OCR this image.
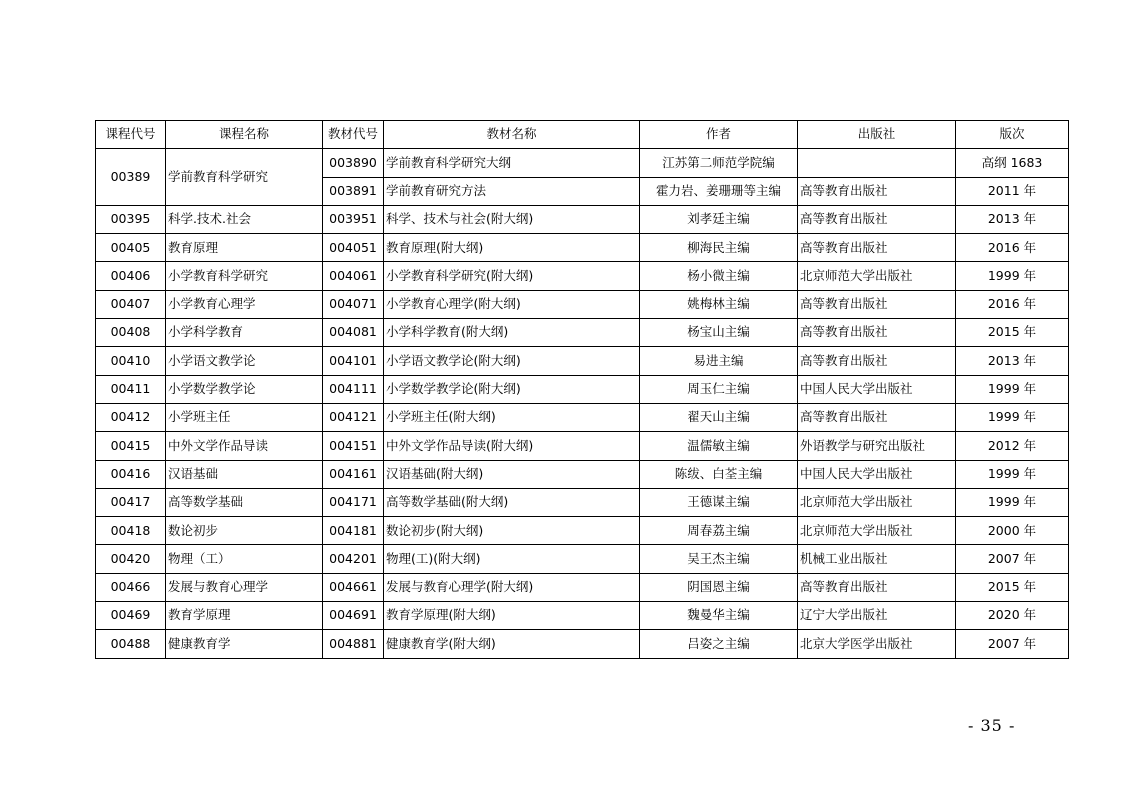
课程代号	课程名称	教材代号	教材名称	作者	出版社	版次
00389	学前教育科学研究	003890	学前教育科学研究大纲	江苏第二师范学院编		高纲 1683
		003891	学前教育研究方法	霍力岩、姜珊珊等主编	高等教育出版社	2011 年
00395	科学.技术.社会	003951	科学、技术与社会(附大纲)	刘孝廷主编	高等教育出版社	2013 年
00405	教育原理	004051	教育原理(附大纲)	柳海民主编	高等教育出版社	2016 年
00406	小学教育科学研究	004061	小学教育科学研究(附大纲)	杨小微主编	北京师范大学出版社	1999 年
00407	小学教育心理学	004071	小学教育心理学(附大纲)	姚梅林主编	高等教育出版社	2016 年
00408	小学科学教育	004081	小学科学教育(附大纲)	杨宝山主编	高等教育出版社	2015 年
00410	小学语文教学论	004101	小学语文教学论(附大纲)	易进主编	高等教育出版社	2013 年
00411	小学数学教学论	004111	小学数学教学论(附大纲)	周玉仁主编	中国人民大学出版社	1999 年
00412	小学班主任	004121	小学班主任(附大纲)	翟天山主编	高等教育出版社	1999 年
00415	中外文学作品导读	004151	中外文学作品导读(附大纲)	温儒敏主编	外语教学与研究出版社	2012 年
00416	汉语基础	004161	汉语基础(附大纲)	陈绂、白荃主编	中国人民大学出版社	1999 年
00417	高等数学基础	004171	高等数学基础(附大纲)	王德谋主编	北京师范大学出版社	1999 年
00418	数论初步	004181	数论初步(附大纲)	周春荔主编	北京师范大学出版社	2000 年
00420	物理（工）	004201	物理(工)(附大纲)	吴王杰主编	机械工业出版社	2007 年
00466	发展与教育心理学	004661	发展与教育心理学(附大纲)	阴国恩主编	高等教育出版社	2015 年
00469	教育学原理	004691	教育学原理(附大纲)	魏曼华主编	辽宁大学出版社	2020 年
00488	健康教育学	004881	健康教育学(附大纲)	吕姿之主编	北京大学医学出版社	2007 年
- 35 -
